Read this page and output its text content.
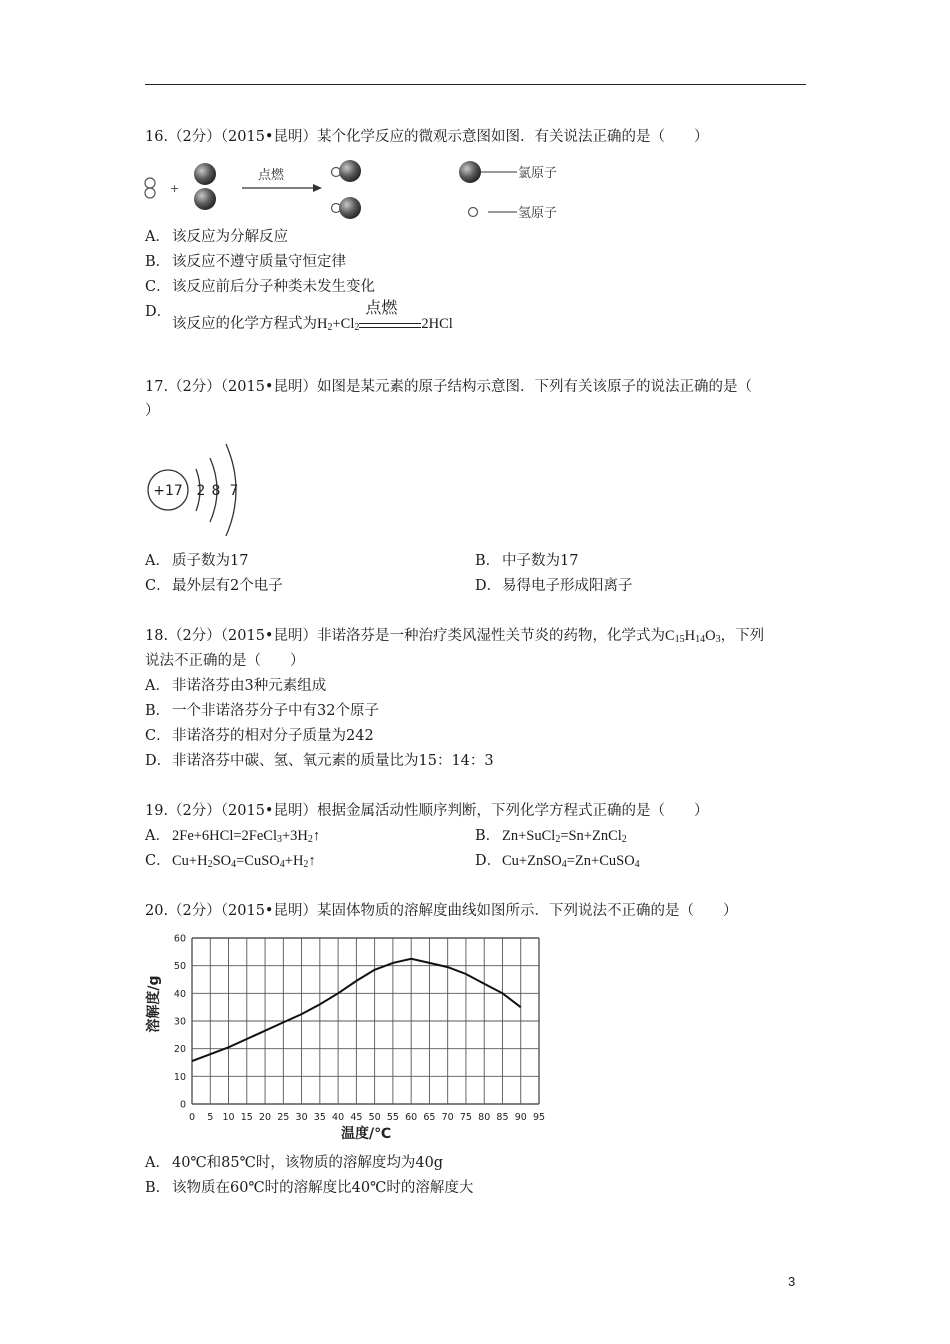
16.（2分）（2015•昆明）某个化学反应的微观示意图如图．有关说法正确的是（　　）
+
点燃	氯原子
氢原子
A． 该反应为分解反应
B． 该反应不遵守质量守恒定律
C．该反应前后分子种类未发生变化
D．
该反应的化学方程式为$H_2+Cl_2$
点燃
2HCl
17.（2分）（2015•昆明）如图是某元素的原子结构示意图．下列有关该原子的说法正确的是（
）
+17 2 8 7
A． 质子数为17	B． 中子数为17
C．最外层有2个电子	D．易得电子形成阳离子
18.（2分）（2015•昆明）非诺洛芬是一种治疗类风湿性关节炎的药物，化学式为$C_{15}H_{14}O_3$，下列
说法不正确的是（　　）
A． 非诺洛芬由3种元素组成
B． 一个非诺洛芬分子中有32个原子
C．非诺洛芬的相对分子质量为242
D．非诺洛芬中碳、氢、氧元素的质量比为15：14：3
19.（2分）（2015•昆明）根据金属活动性顺序判断，下列化学方程式正确的是（　　）
A． $2Fe+6HCl=2FeCl_3+3H_2↑$	B． Zn+SuCl$_2$=Sn+ZnCl$_2$
C．$Cu+H_2SO_4=CuSO_4+H_2↑$	D．Cu+ZnSO$_4$=Zn+CuSO$_4$
20.（2分）（2015•昆明）某固体物质的溶解度曲线如图所示．下列说法不正确的是（　　）
0 5 10 15 20 25 30 35 40 45 50 55 60 65 70 75 80 85 90 95
0
10
20
30
40
50
60
溶解度/g
温度/℃
A． 40℃和85℃时，该物质的溶解度均为40g
B． 该物质在60℃时的溶解度比40℃时的溶解度大
3
